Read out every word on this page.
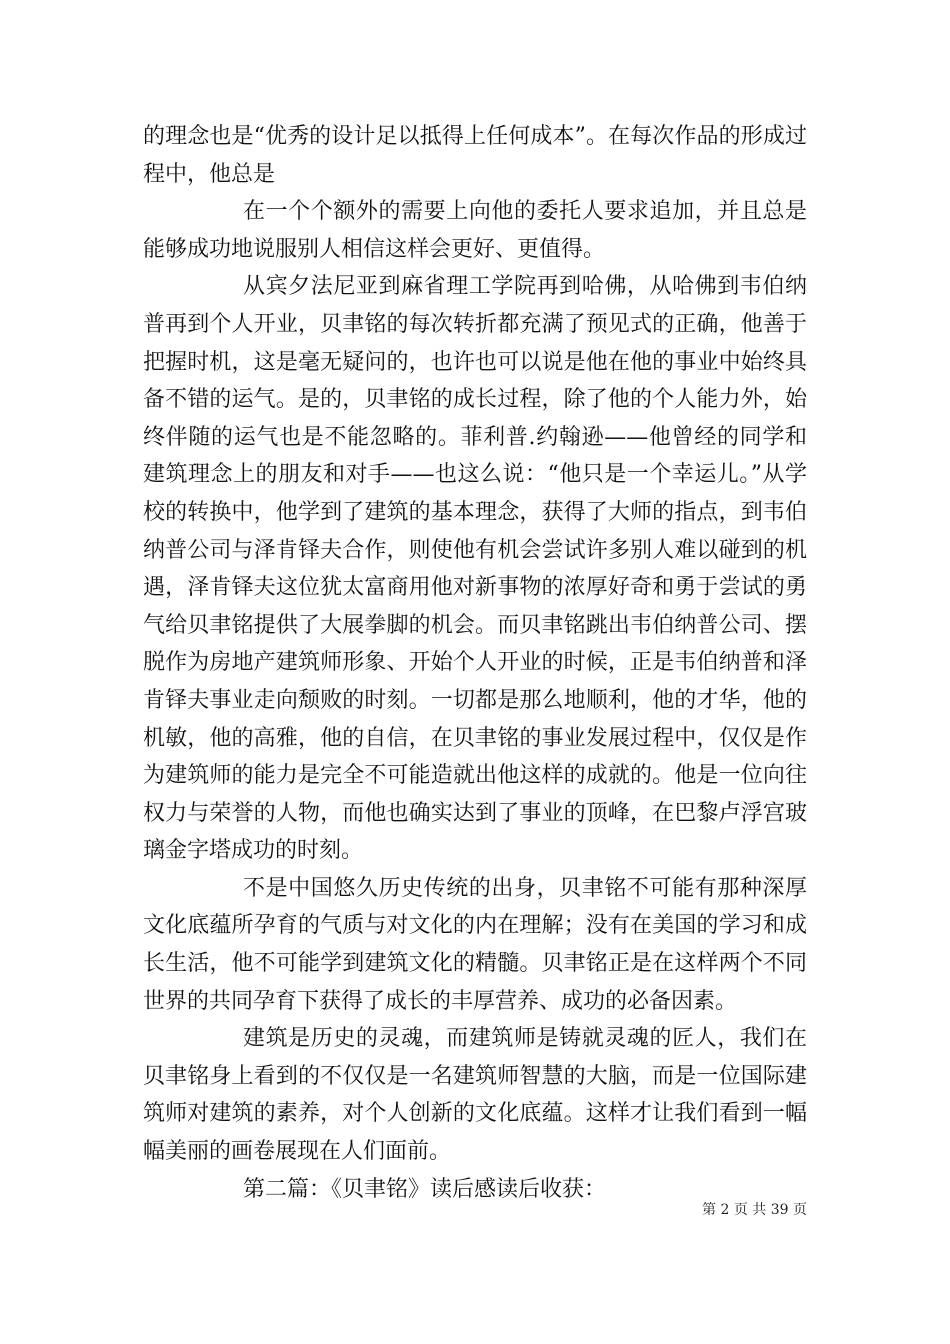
的理念也是“优秀的设计足以抵得上任何成本”。在每次作品的形成过程中，他总是

在一个个额外的需要上向他的委托人要求追加，并且总是能够成功地说服别人相信这样会更好、更值得。

从宾夕法尼亚到麻省理工学院再到哈佛，从哈佛到韦伯纳普再到个人开业，贝聿铭的每次转折都充满了预见式的正确，他善于把握时机，这是毫无疑问的，也许也可以说是他在他的事业中始终具备不错的运气。是的，贝聿铭的成长过程，除了他的个人能力外，始终伴随的运气也是不能忽略的。菲利普.约翰逊——他曾经的同学和建筑理念上的朋友和对手——也这么说：“他只是一个幸运儿。”从学校的转换中，他学到了建筑的基本理念，获得了大师的指点，到韦伯纳普公司与泽肯铎夫合作，则使他有机会尝试许多别人难以碰到的机遇，泽肯铎夫这位犹太富商用他对新事物的浓厚好奇和勇于尝试的勇气给贝聿铭提供了大展拳脚的机会。而贝聿铭跳出韦伯纳普公司、摆脱作为房地产建筑师形象、开始个人开业的时候，正是韦伯纳普和泽肯铎夫事业走向颓败的时刻。一切都是那么地顺利，他的才华，他的机敏，他的高雅，他的自信，在贝聿铭的事业发展过程中，仅仅是作为建筑师的能力是完全不可能造就出他这样的成就的。他是一位向往权力与荣誉的人物，而他也确实达到了事业的顶峰，在巴黎卢浮宫玻璃金字塔成功的时刻。

不是中国悠久历史传统的出身，贝聿铭不可能有那种深厚文化底蕴所孕育的气质与对文化的内在理解；没有在美国的学习和成长生活，他不可能学到建筑文化的精髓。贝聿铭正是在这样两个不同世界的共同孕育下获得了成长的丰厚营养、成功的必备因素。

建筑是历史的灵魂，而建筑师是铸就灵魂的匠人，我们在贝聿铭身上看到的不仅仅是一名建筑师智慧的大脑，而是一位国际建筑师对建筑的素养，对个人创新的文化底蕴。这样才让我们看到一幅幅美丽的画卷展现在人们面前。

第二篇：《贝聿铭》读后感读后收获：

第 2 页 共 39 页
